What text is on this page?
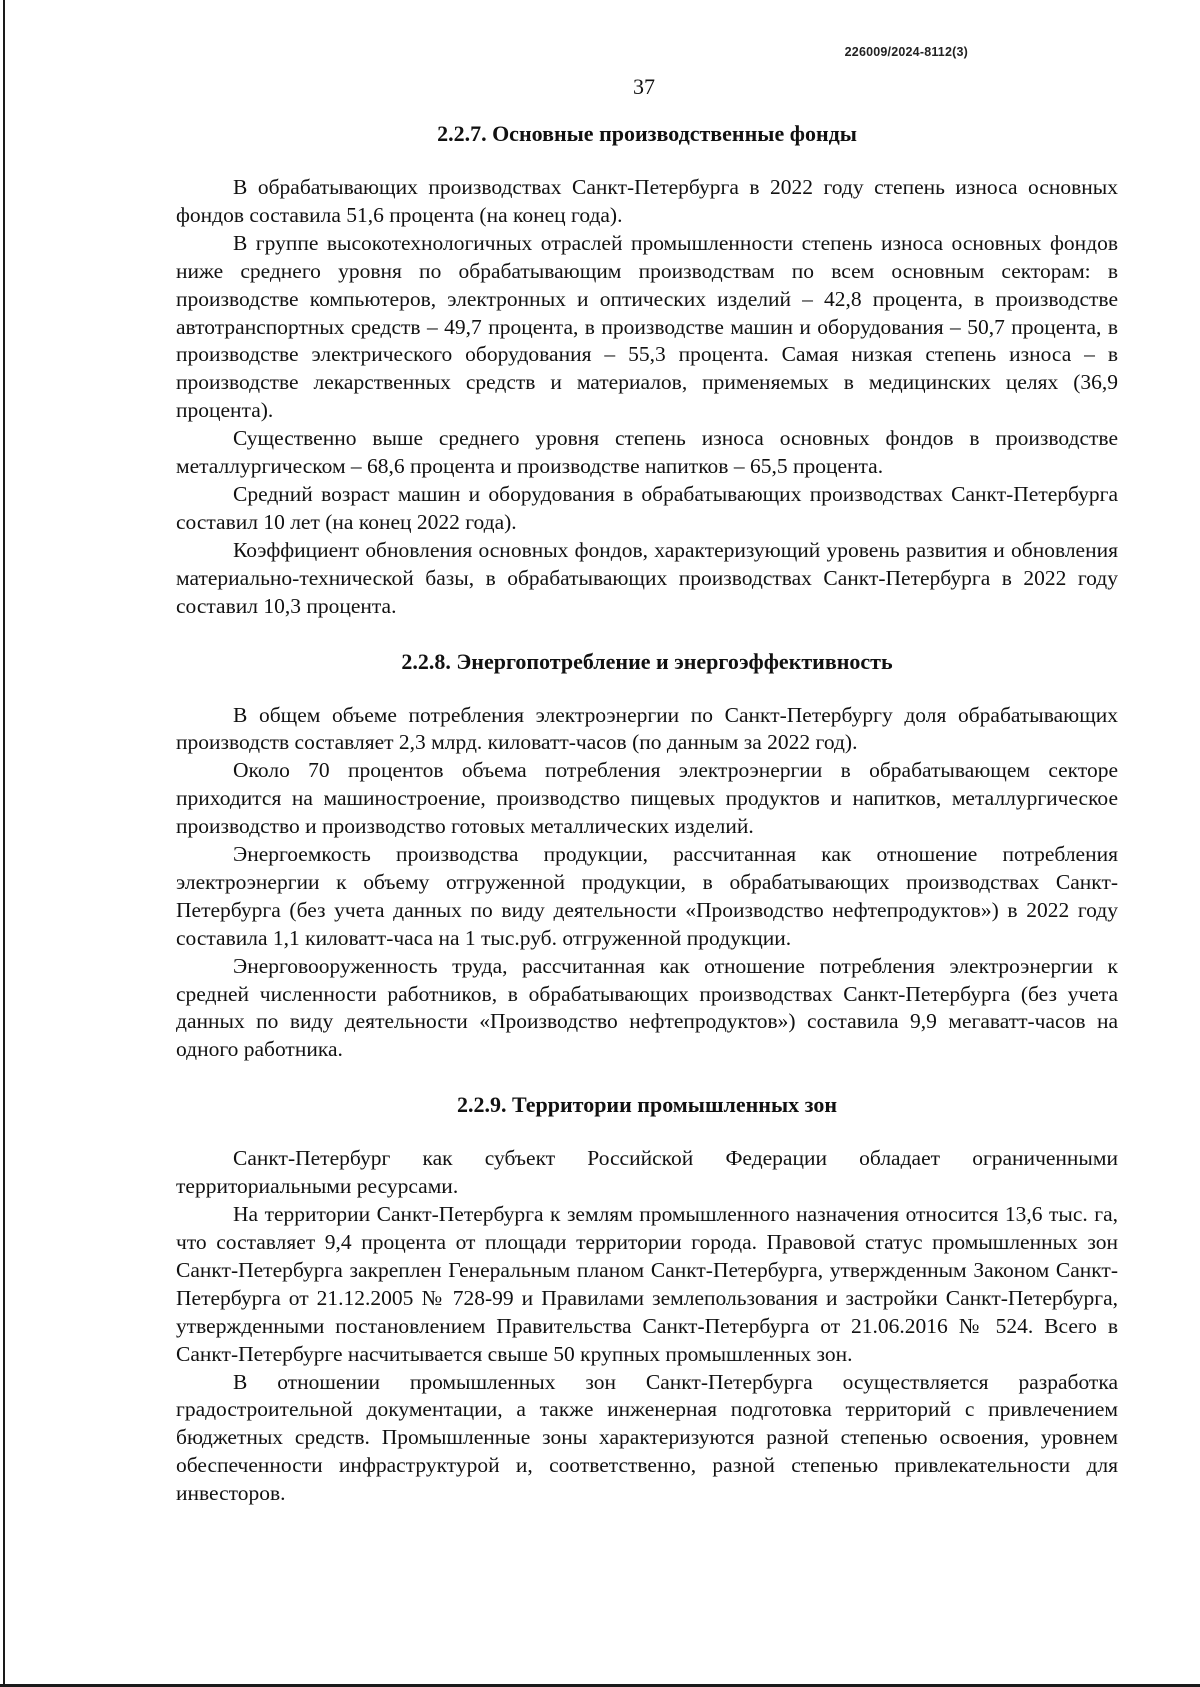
226009/2024-8112(3)
37
2.2.7. Основные производственные фонды

В обрабатывающих производствах Санкт-Петербурга в 2022 году степень износа основных фондов составила 51,6 процента (на конец года).

В группе высокотехнологичных отраслей промышленности степень износа основных фондов ниже среднего уровня по обрабатывающим производствам по всем основным секторам: в производстве компьютеров, электронных и оптических изделий – 42,8 процента, в производстве автотранспортных средств – 49,7 процента, в производстве машин и оборудования – 50,7 процента, в производстве электрического оборудования – 55,3 процента. Самая низкая степень износа – в производстве лекарственных средств и материалов, применяемых в медицинских целях (36,9 процента).

Существенно выше среднего уровня степень износа основных фондов в производстве металлургическом – 68,6 процента и производстве напитков – 65,5 процента.

Средний возраст машин и оборудования в обрабатывающих производствах Санкт-Петербурга составил 10 лет (на конец 2022 года).

Коэффициент обновления основных фондов, характеризующий уровень развития и обновления материально-технической базы, в обрабатывающих производствах Санкт-Петербурга в 2022 году составил 10,3 процента.

2.2.8. Энергопотребление и энергоэффективность

В общем объеме потребления электроэнергии по Санкт-Петербургу доля обрабатывающих производств составляет 2,3 млрд. киловатт-часов (по данным за 2022 год).

Около 70 процентов объема потребления электроэнергии в обрабатывающем секторе приходится на машиностроение, производство пищевых продуктов и напитков, металлургическое производство и производство готовых металлических изделий.

Энергоемкость производства продукции, рассчитанная как отношение потребления электроэнергии к объему отгруженной продукции, в обрабатывающих производствах Санкт-Петербурга (без учета данных по виду деятельности «Производство нефтепродуктов») в 2022 году составила 1,1 киловатт-часа на 1 тыс.руб. отгруженной продукции.

Энерговооруженность труда, рассчитанная как отношение потребления электроэнергии к средней численности работников, в обрабатывающих производствах Санкт-Петербурга (без учета данных по виду деятельности «Производство нефтепродуктов») составила 9,9 мегаватт-часов на одного работника.

2.2.9. Территории промышленных зон

Санкт-Петербург как субъект Российской Федерации обладает ограниченными территориальными ресурсами.

На территории Санкт-Петербурга к землям промышленного назначения относится 13,6 тыс. га, что составляет 9,4 процента от площади территории города. Правовой статус промышленных зон Санкт-Петербурга закреплен Генеральным планом Санкт-Петербурга, утвержденным Законом Санкт-Петербурга от 21.12.2005 № 728-99 и Правилами землепользования и застройки Санкт-Петербурга, утвержденными постановлением Правительства Санкт-Петербурга от 21.06.2016 № 524. Всего в Санкт-Петербурге насчитывается свыше 50 крупных промышленных зон.

В отношении промышленных зон Санкт-Петербурга осуществляется разработка градостроительной документации, а также инженерная подготовка территорий с привлечением бюджетных средств. Промышленные зоны характеризуются разной степенью освоения, уровнем обеспеченности инфраструктурой и, соответственно, разной степенью привлекательности для инвесторов.
